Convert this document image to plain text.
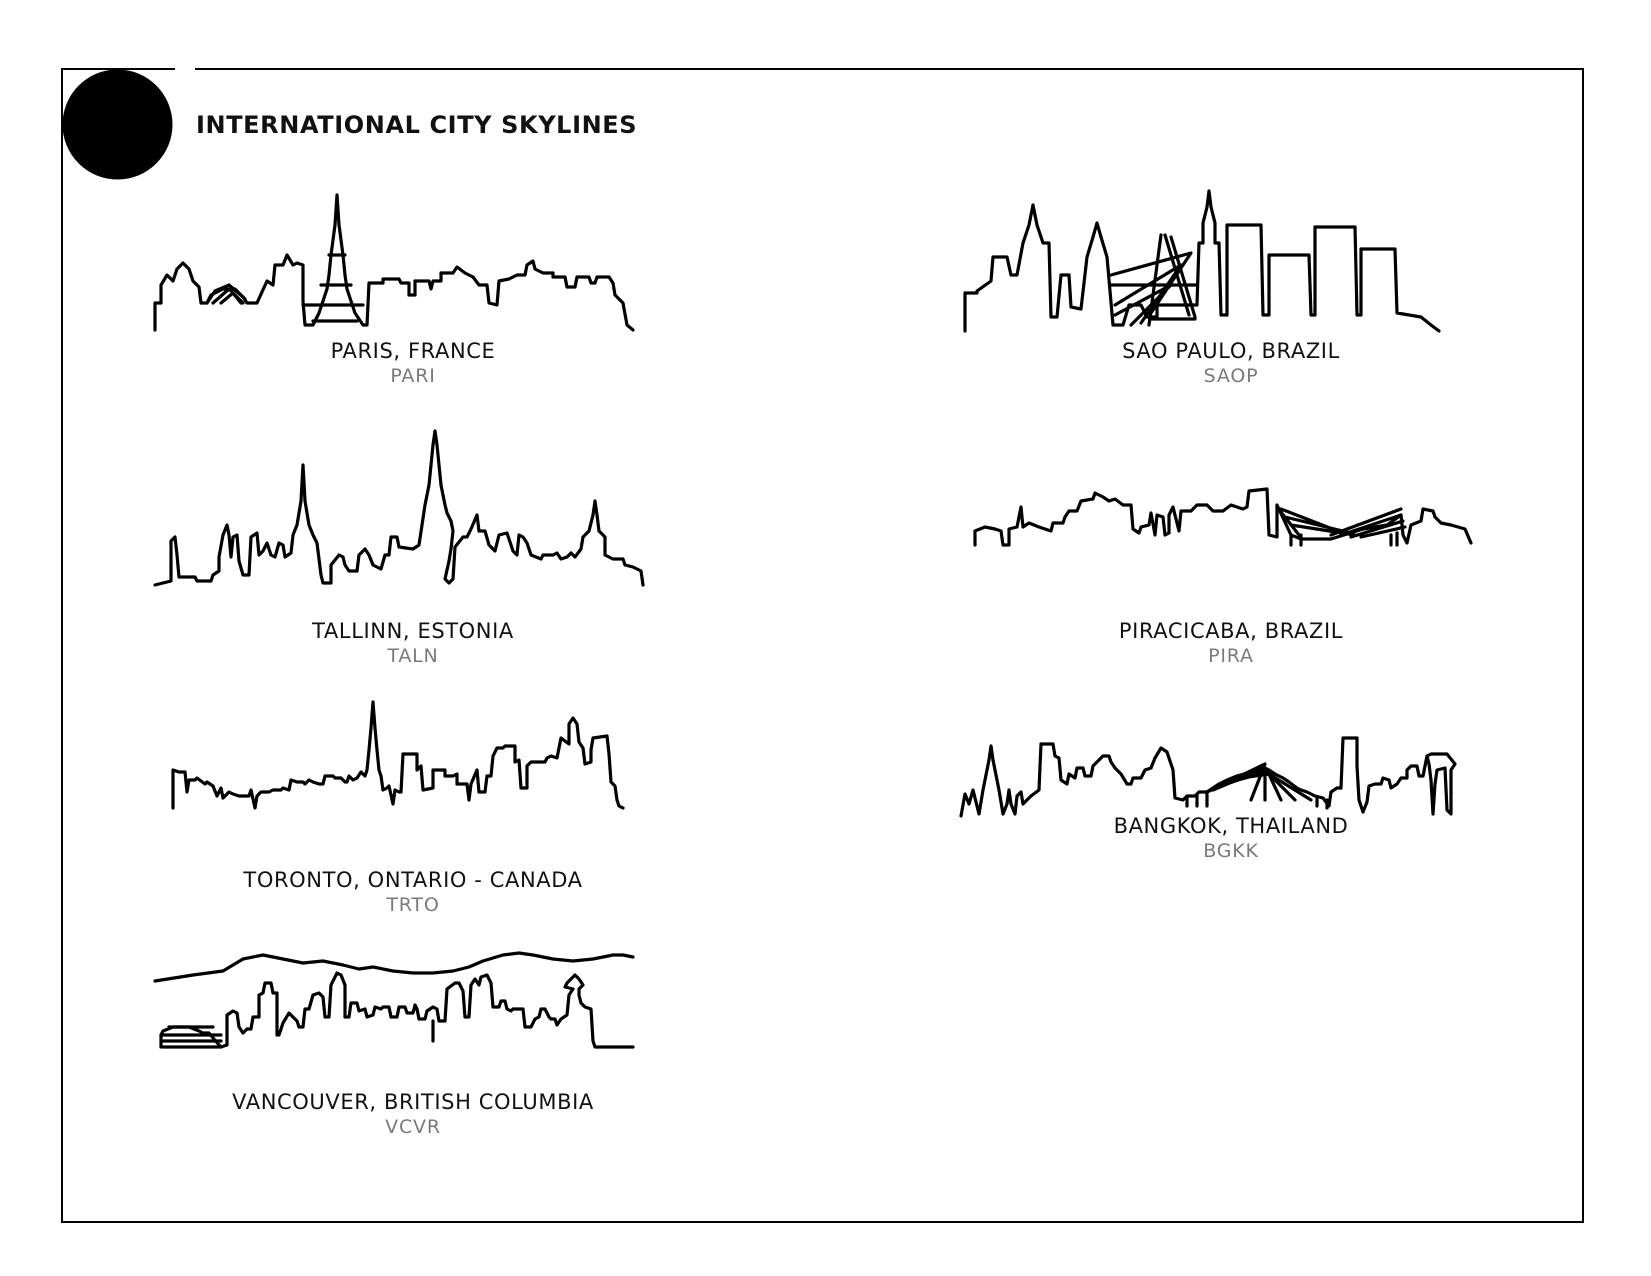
INTERNATIONAL CITY SKYLINES
PARIS, FRANCE
PARI
SAO PAULO, BRAZIL
SAOP
TALLINN, ESTONIA
TALN
PIRACICABA, BRAZIL
PIRA
TORONTO, ONTARIO - CANADA
TRTO
BANGKOK, THAILAND
BGKK
VANCOUVER, BRITISH COLUMBIA
VCVR
